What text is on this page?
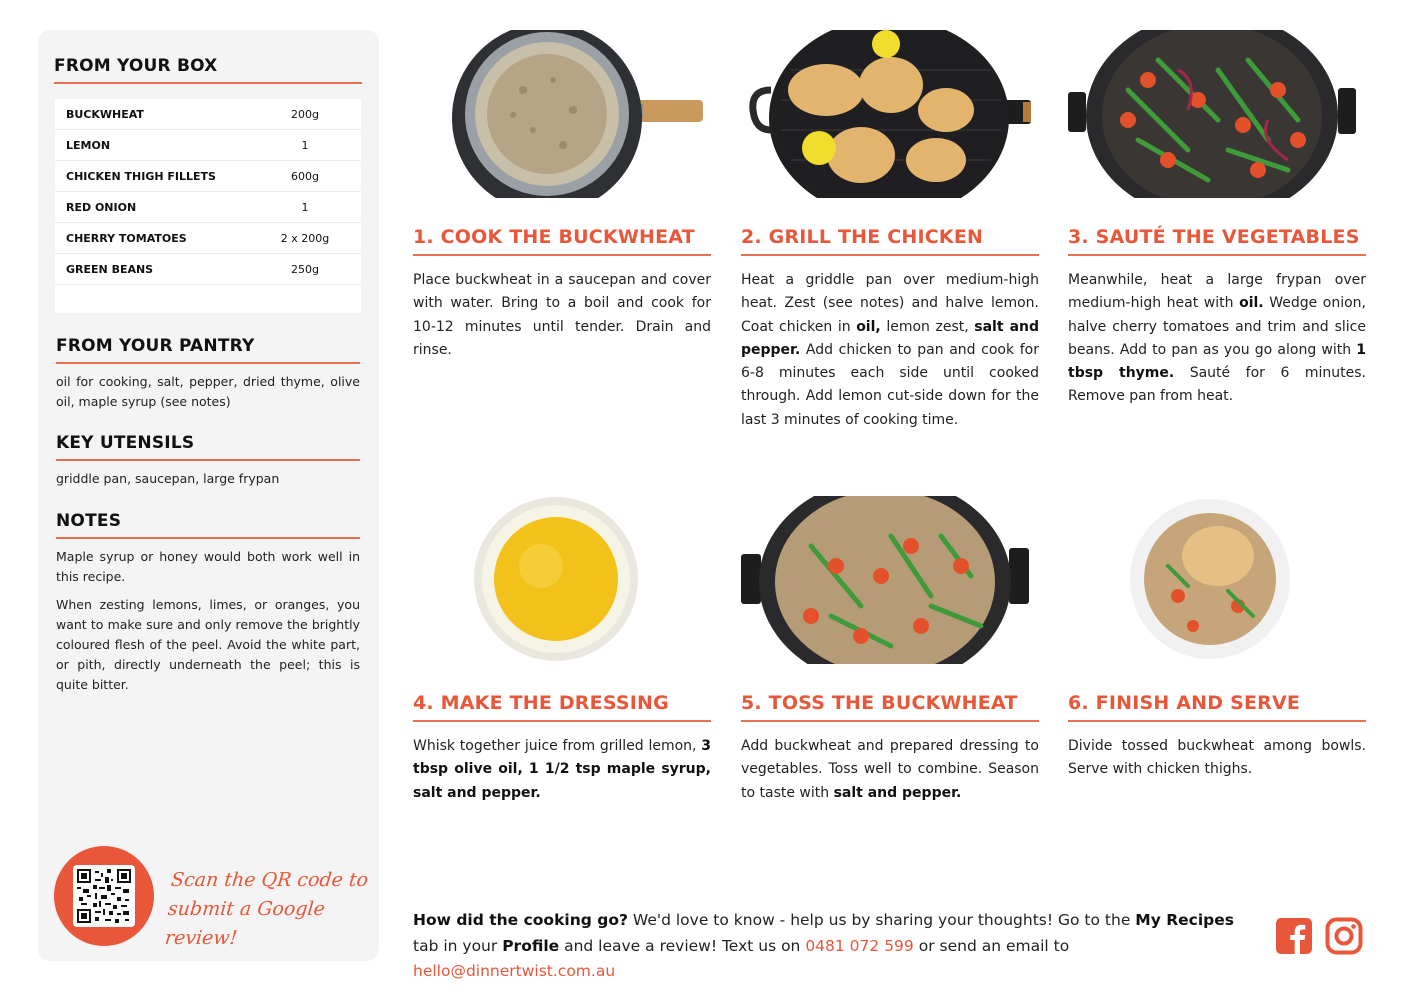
FROM YOUR BOX
BUCKWHEAT	200g
LEMON	1
CHICKEN THIGH FILLETS	600g
RED ONION	1
CHERRY TOMATOES	2 x 200g
GREEN BEANS	250g
FROM YOUR PANTRY
oil for cooking, salt, pepper, dried thyme, olive oil, maple syrup (see notes)
KEY UTENSILS
griddle pan, saucepan, large frypan
NOTES

Maple syrup or honey would both work well in this recipe.

When zesting lemons, limes, or oranges, you want to make sure and only remove the brightly coloured flesh of the peel. Avoid the white part, or pith, directly underneath the peel; this is quite bitter.

Scan the QR code to
submit a Google review!
1. COOK THE BUCKWHEAT
Place buckwheat in a saucepan and cover with water. Bring to a boil and cook for 10-12 minutes until tender. Drain and rinse.
2. GRILL THE CHICKEN
Heat a griddle pan over medium-high heat. Zest (see notes) and halve lemon. Coat chicken in oil, lemon zest, salt and pepper. Add chicken to pan and cook for 6-8 minutes each side until cooked through. Add lemon cut-side down for the last 3 minutes of cooking time.
3. SAUTÉ THE VEGETABLES
Meanwhile, heat a large frypan over medium-high heat with oil. Wedge onion, halve cherry tomatoes and trim and slice beans. Add to pan as you go along with 1 tbsp thyme. Sauté for 6 minutes. Remove pan from heat.
4. MAKE THE DRESSING
Whisk together juice from grilled lemon, 3 tbsp olive oil, 1 1/2 tsp maple syrup, salt and pepper.
5. TOSS THE BUCKWHEAT
Add buckwheat and prepared dressing to vegetables. Toss well to combine. Season to taste with salt and pepper.
6. FINISH AND SERVE
Divide tossed buckwheat among bowls. Serve with chicken thighs.
How did the cooking go? We'd love to know - help us by sharing your thoughts! Go to the My Recipes tab in your Profile and leave a review! Text us on 0481 072 599 or send an email to hello@dinnertwist.com.au
